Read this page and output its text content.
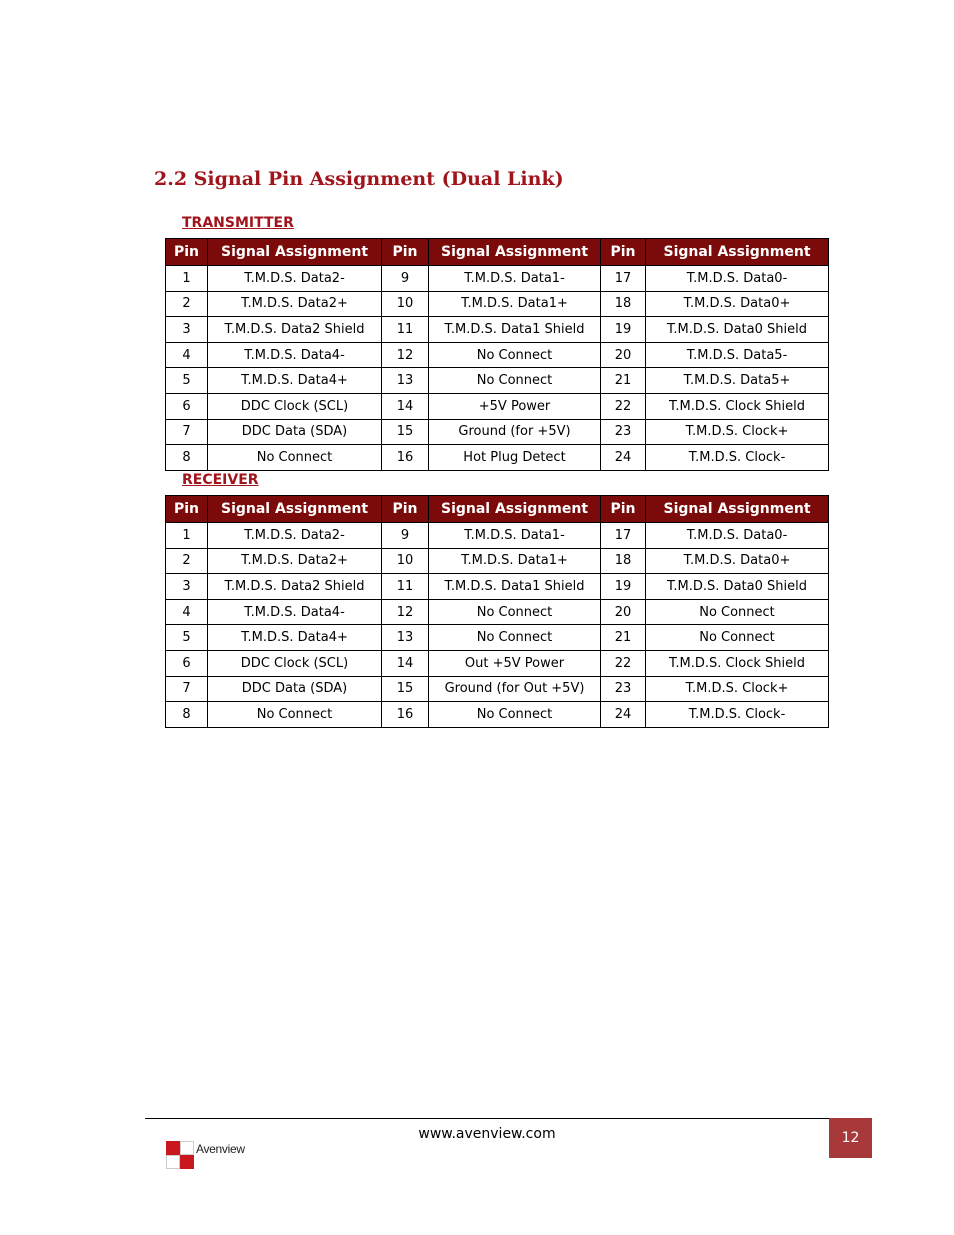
2.2 Signal Pin Assignment (Dual Link)

TRANSMITTER

Pin	Signal Assignment	Pin	Signal Assignment	Pin	Signal Assignment
1	T.M.D.S. Data2-	9	T.M.D.S. Data1-	17	T.M.D.S. Data0-
2	T.M.D.S. Data2+	10	T.M.D.S. Data1+	18	T.M.D.S. Data0+
3	T.M.D.S. Data2 Shield	11	T.M.D.S. Data1 Shield	19	T.M.D.S. Data0 Shield
4	T.M.D.S. Data4-	12	No Connect	20	T.M.D.S. Data5-
5	T.M.D.S. Data4+	13	No Connect	21	T.M.D.S. Data5+
6	DDC Clock (SCL)	14	+5V Power	22	T.M.D.S. Clock Shield
7	DDC Data (SDA)	15	Ground (for +5V)	23	T.M.D.S. Clock+
8	No Connect	16	Hot Plug Detect	24	T.M.D.S. Clock-

RECEIVER

Pin	Signal Assignment	Pin	Signal Assignment	Pin	Signal Assignment
1	T.M.D.S. Data2-	9	T.M.D.S. Data1-	17	T.M.D.S. Data0-
2	T.M.D.S. Data2+	10	T.M.D.S. Data1+	18	T.M.D.S. Data0+
3	T.M.D.S. Data2 Shield	11	T.M.D.S. Data1 Shield	19	T.M.D.S. Data0 Shield
4	T.M.D.S. Data4-	12	No Connect	20	No Connect
5	T.M.D.S. Data4+	13	No Connect	21	No Connect
6	DDC Clock (SCL)	14	Out +5V Power	22	T.M.D.S. Clock Shield
7	DDC Data (SDA)	15	Ground (for Out +5V)	23	T.M.D.S. Clock+
8	No Connect	16	No Connect	24	T.M.D.S. Clock-
Avenview

www.avenview.com	12
